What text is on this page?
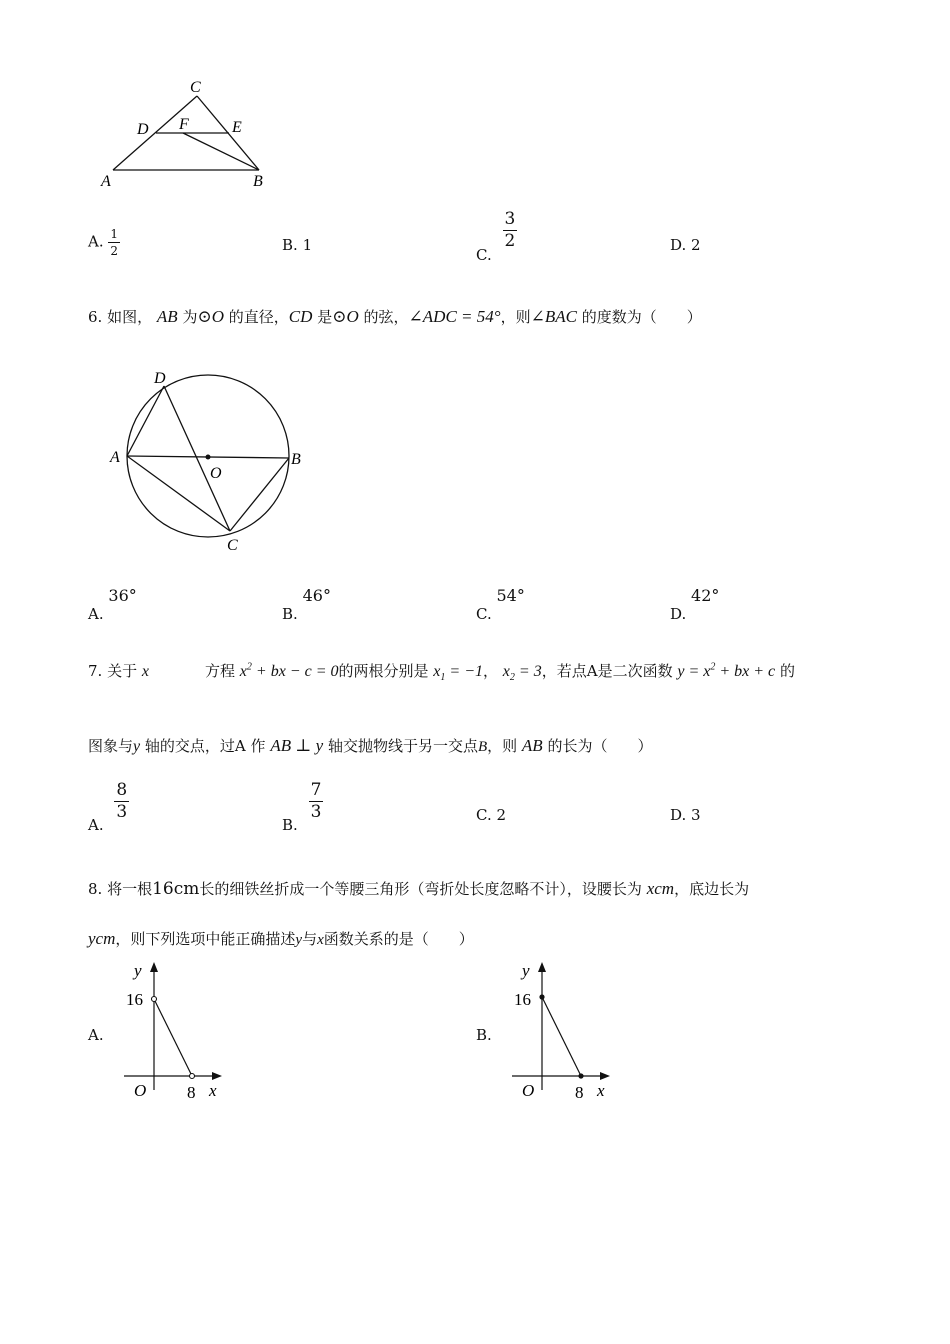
C
D F	E
A	B
A. $\frac{1}{2}$	B. 1
C.
$\frac{3}{2}$	D. 2
6. 如图， AB 为⊙O 的直径，CD 是⊙O 的弦，∠ADC = 54°，则∠BAC 的度数为（　　）
D
A
O
B
C
A. 36°
B. 46°
C. 54°
D. 42°
7. 关于 x	方程 $x^2$ + bx − c = 0的两根分别是 $x_1 = -1$， $x_2 = 3$，若点A是二次函数 $y = x^2$ + bx + c 的
图象与y 轴的交点，过A 作 AB ⊥ y 轴交抛物线于另一交点B，则 AB 的长为（　　）
A.
$\frac{8}{3}$
B.
$\frac{7}{3}$	C. 2	D. 3
8. 将一根16cm长的细铁丝折成一个等腰三角形（弯折处长度忽略不计），设腰长为 xcm，底边长为
ycm，则下列选项中能正确描述y与x函数关系的是（　　）
A.
y
16
O 8 x
B.
y
16
O 8 x
